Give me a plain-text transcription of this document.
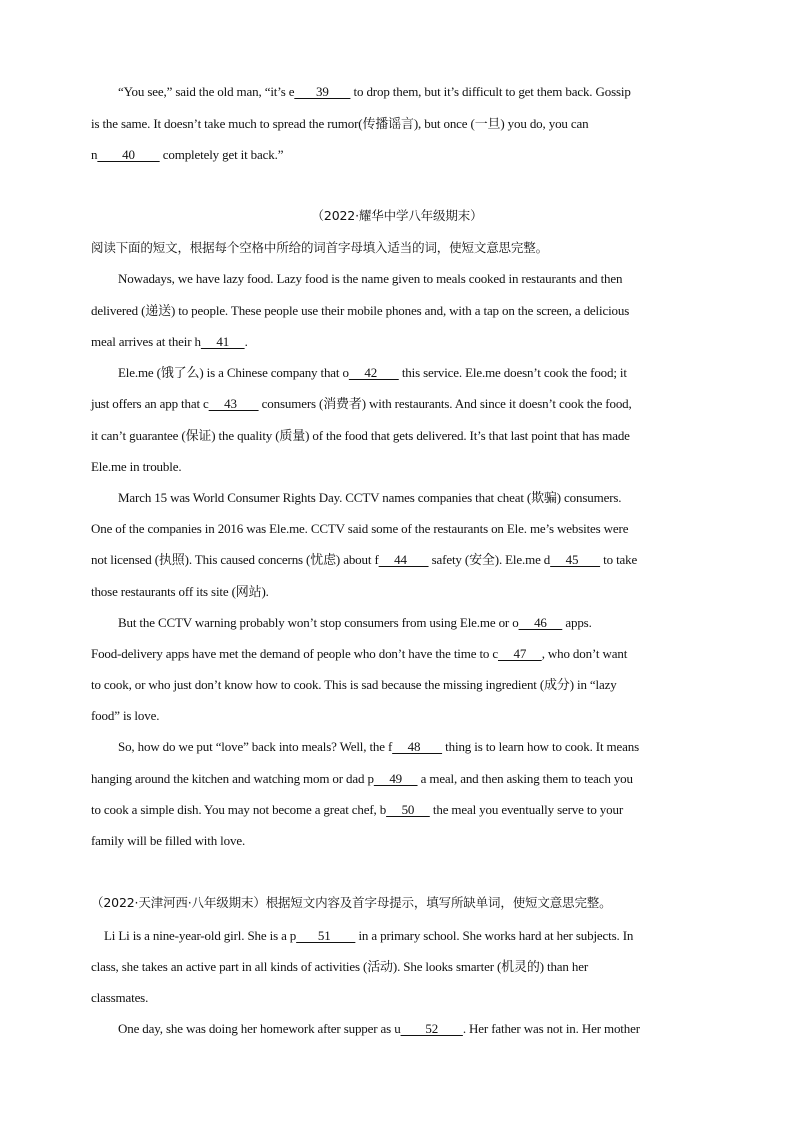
“You see,” said the old man, “it’s e       39        to drop them, but it’s difficult to get them back. Gossip
is the same. It doesn’t take much to spread the rumor(传播谣言), but once (一旦) you do, you can
n        40         completely get it back.”
（2022·耀华中学八年级期末）
阅读下面的短文，根据每个空格中所给的词首字母填入适当的词，使短文意思完整。
Nowadays, we have lazy food. Lazy food is the name given to meals cooked in restaurants and then
delivered (递送) to people. These people use their mobile phones and, with a tap on the screen, a delicious
meal arrives at their h     41     .
Ele.me (饿了么) is a Chinese company that o     42        this service. Ele.me doesn’t cook the food; it
just offers an app that c     43        consumers (消费者) with restaurants. And since it doesn’t cook the food,
it can’t guarantee (保证) the quality (质量) of the food that gets delivered. It’s that last point that has made
Ele.me in trouble.
March 15 was World Consumer Rights Day. CCTV names companies that cheat (欺骗) consumers.
One of the companies in 2016 was Ele.me. CCTV said some of the restaurants on Ele. me’s websites were
not licensed (执照). This caused concerns (忧虑) about f     44        safety (安全). Ele.me d     45        to take
those restaurants off its site (网站).
But the CCTV warning probably won’t stop consumers from using Ele.me or o     46      apps.
Food-delivery apps have met the demand of people who don’t have the time to c     47     , who don’t want
to cook, or who just don’t know how to cook. This is sad because the missing ingredient (成分) in “lazy
food” is love.
So, how do we put “love” back into meals? Well, the f     48        thing is to learn how to cook. It means
hanging around the kitchen and watching mom or dad p     49      a meal, and then asking them to teach you
to cook a simple dish. You may not become a great chef, b     50      the meal you eventually serve to your
family will be filled with love.
（2022·天津河西·八年级期末）根据短文内容及首字母提示，填写所缺单词，使短文意思完整。
Li Li is a nine-year-old girl. She is a p       51         in a primary school. She works hard at her subjects. In
class, she takes an active part in all kinds of activities (活动). She looks smarter (机灵的) than her
classmates.
One day, she was doing her homework after supper as u        52        . Her father was not in. Her mother
